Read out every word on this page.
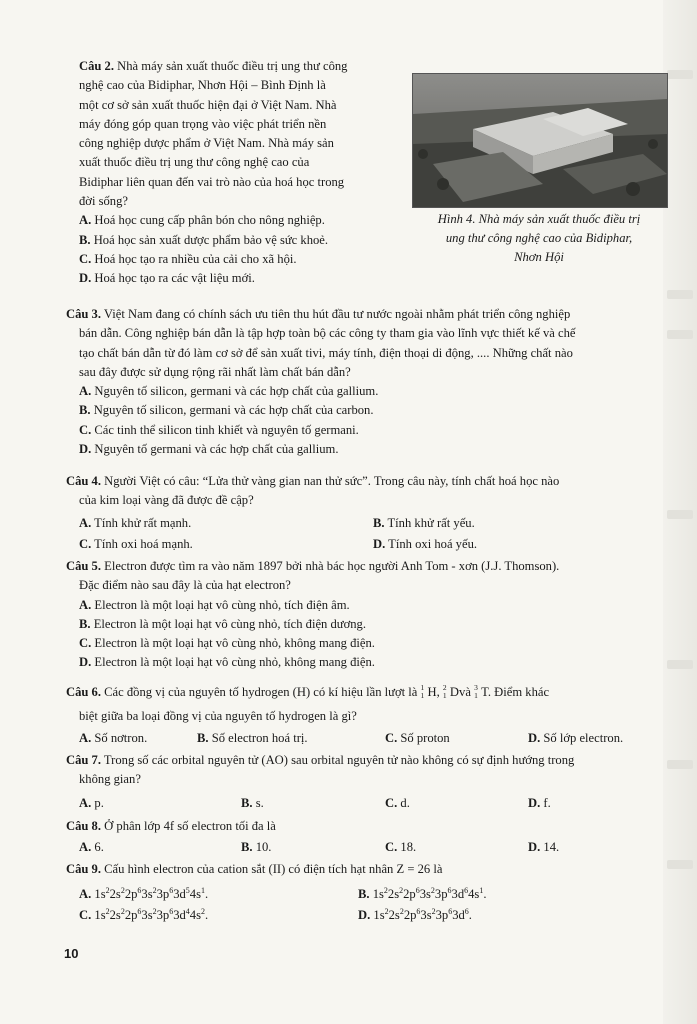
Câu 2. Nhà máy sản xuất thuốc điều trị ung thư công
nghệ cao của Bidiphar, Nhơn Hội – Bình Định là
một cơ sở sản xuất thuốc hiện đại ở Việt Nam. Nhà
máy đóng góp quan trọng vào việc phát triển nền
công nghiệp dược phẩm ở Việt Nam. Nhà máy sản
xuất thuốc điều trị ung thư công nghệ cao của
Bidiphar liên quan đến vai trò nào của hoá học trong
đời sống?
A. Hoá học cung cấp phân bón cho nông nghiệp.
B. Hoá học sản xuất dược phẩm bảo vệ sức khoẻ.
C. Hoá học tạo ra nhiều của cải cho xã hội.
D. Hoá học tạo ra các vật liệu mới.
Hình 4. Nhà máy sản xuất thuốc điều trị
ung thư công nghệ cao của Bidiphar,
Nhơn Hội
Câu 3. Việt Nam đang có chính sách ưu tiên thu hút đầu tư nước ngoài nhằm phát triển công nghiệp
bán dẫn. Công nghiệp bán dẫn là tập hợp toàn bộ các công ty tham gia vào lĩnh vực thiết kế và chế
tạo chất bán dẫn từ đó làm cơ sở để sản xuất tivi, máy tính, điện thoại di động, .... Những chất nào
sau đây được sử dụng rộng rãi nhất làm chất bán dẫn?
A. Nguyên tố silicon, germani và các hợp chất của gallium.
B. Nguyên tố silicon, germani và các hợp chất của carbon.
C. Các tinh thể silicon tinh khiết và nguyên tố germani.
D. Nguyên tố germani và các hợp chất của gallium.
Câu 4. Người Việt có câu: “Lửa thử vàng gian nan thử sức”. Trong câu này, tính chất hoá học nào
của kim loại vàng đã được đề cập?
A. Tính khử rất mạnh.	B. Tính khử rất yếu.
C. Tính oxi hoá mạnh.	D. Tính oxi hoá yếu.
Câu 5. Electron được tìm ra vào năm 1897 bởi nhà bác học người Anh Tom - xơn (J.J. Thomson).
Đặc điểm nào sau đây là của hạt electron?
A. Electron là một loại hạt vô cùng nhỏ, tích điện âm.
B. Electron là một loại hạt vô cùng nhỏ, tích điện dương.
C. Electron là một loại hạt vô cùng nhỏ, không mang điện.
D. Electron là một loại hạt vô cùng nhỏ, không mang điện.
Câu 6. Các đồng vị của nguyên tố hydrogen (H) có kí hiệu lần lượt là 1
1 H, 2
1 Dvà 3
1 T. Điểm khác
biệt giữa ba loại đồng vị của nguyên tố hydrogen là gì?
A. Số nơtron.	B. Số electron hoá trị.	C. Số proton	D. Số lớp electron.
Câu 7. Trong số các orbital nguyên tử (AO) sau orbital nguyên tử nào không có sự định hướng trong
không gian?
A. p.	B. s.	C. d.	D. f.
Câu 8. Ở phân lớp 4f số electron tối đa là
A. 6.	B. 10.	C. 18.	D. 14.
Câu 9. Cấu hình electron của cation sắt (II) có điện tích hạt nhân Z = 26 là
A. $1s^22s^22p^63s^23p^63d^54s^1$.	B. $1s^22s^22p^63s^23p^63d^64s^1$.
C. $1s^22s^22p^63s^23p^63d^44s^2$.	D. $1s^22s^22p^63s^23p^63d^6$.
10
